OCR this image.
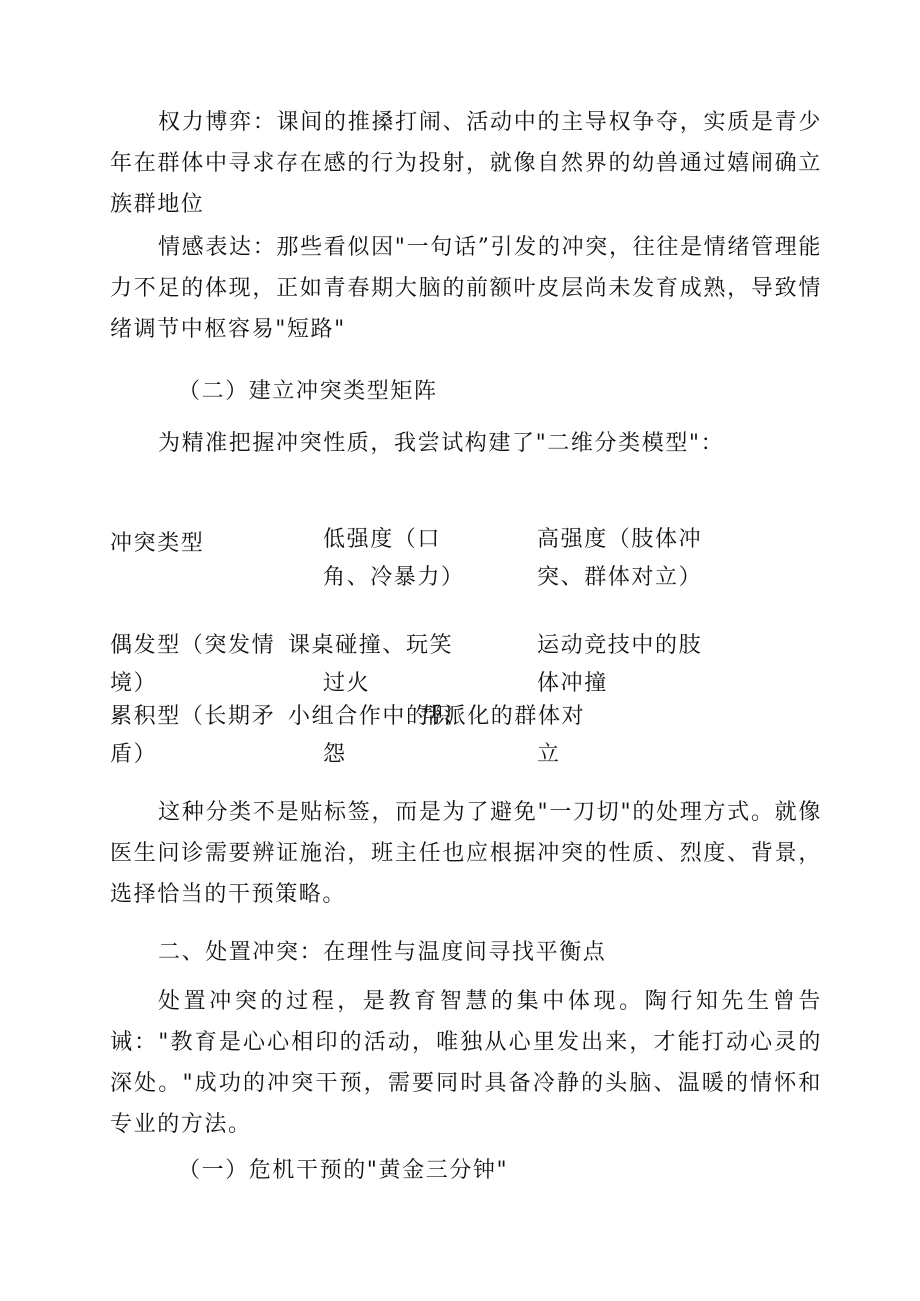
权力博弈：课间的推搡打闹、活动中的主导权争夺，实质是青少年在群体中寻求存在感的行为投射，就像自然界的幼兽通过嬉闹确立族群地位

情感表达：那些看似因"一句话”引发的冲突，往往是情绪管理能力不足的体现，正如青春期大脑的前额叶皮层尚未发育成熟，导致情绪调节中枢容易"短路"

（二）建立冲突类型矩阵

为精准把握冲突性质，我尝试构建了"二维分类模型"：

冲突类型	低强度（口

角、冷暴力）

高强度（肢体冲

突、群体对立）

偶发型（突发情

境）

课桌碰撞、玩笑

过火

运动竞技中的肢

体冲撞

累积型（长期矛

盾）

小组合作中的积

怨

帮派化的群体对

立

这种分类不是贴标签，而是为了避免"一刀切"的处理方式。就像医生问诊需要辨证施治，班主任也应根据冲突的性质、烈度、背景，选择恰当的干预策略。

二、处置冲突：在理性与温度间寻找平衡点

处置冲突的过程，是教育智慧的集中体现。陶行知先生曾告诫："教育是心心相印的活动，唯独从心里发出来，才能打动心灵的深处。"成功的冲突干预，需要同时具备冷静的头脑、温暖的情怀和专业的方法。

（一）危机干预的"黄金三分钟"
